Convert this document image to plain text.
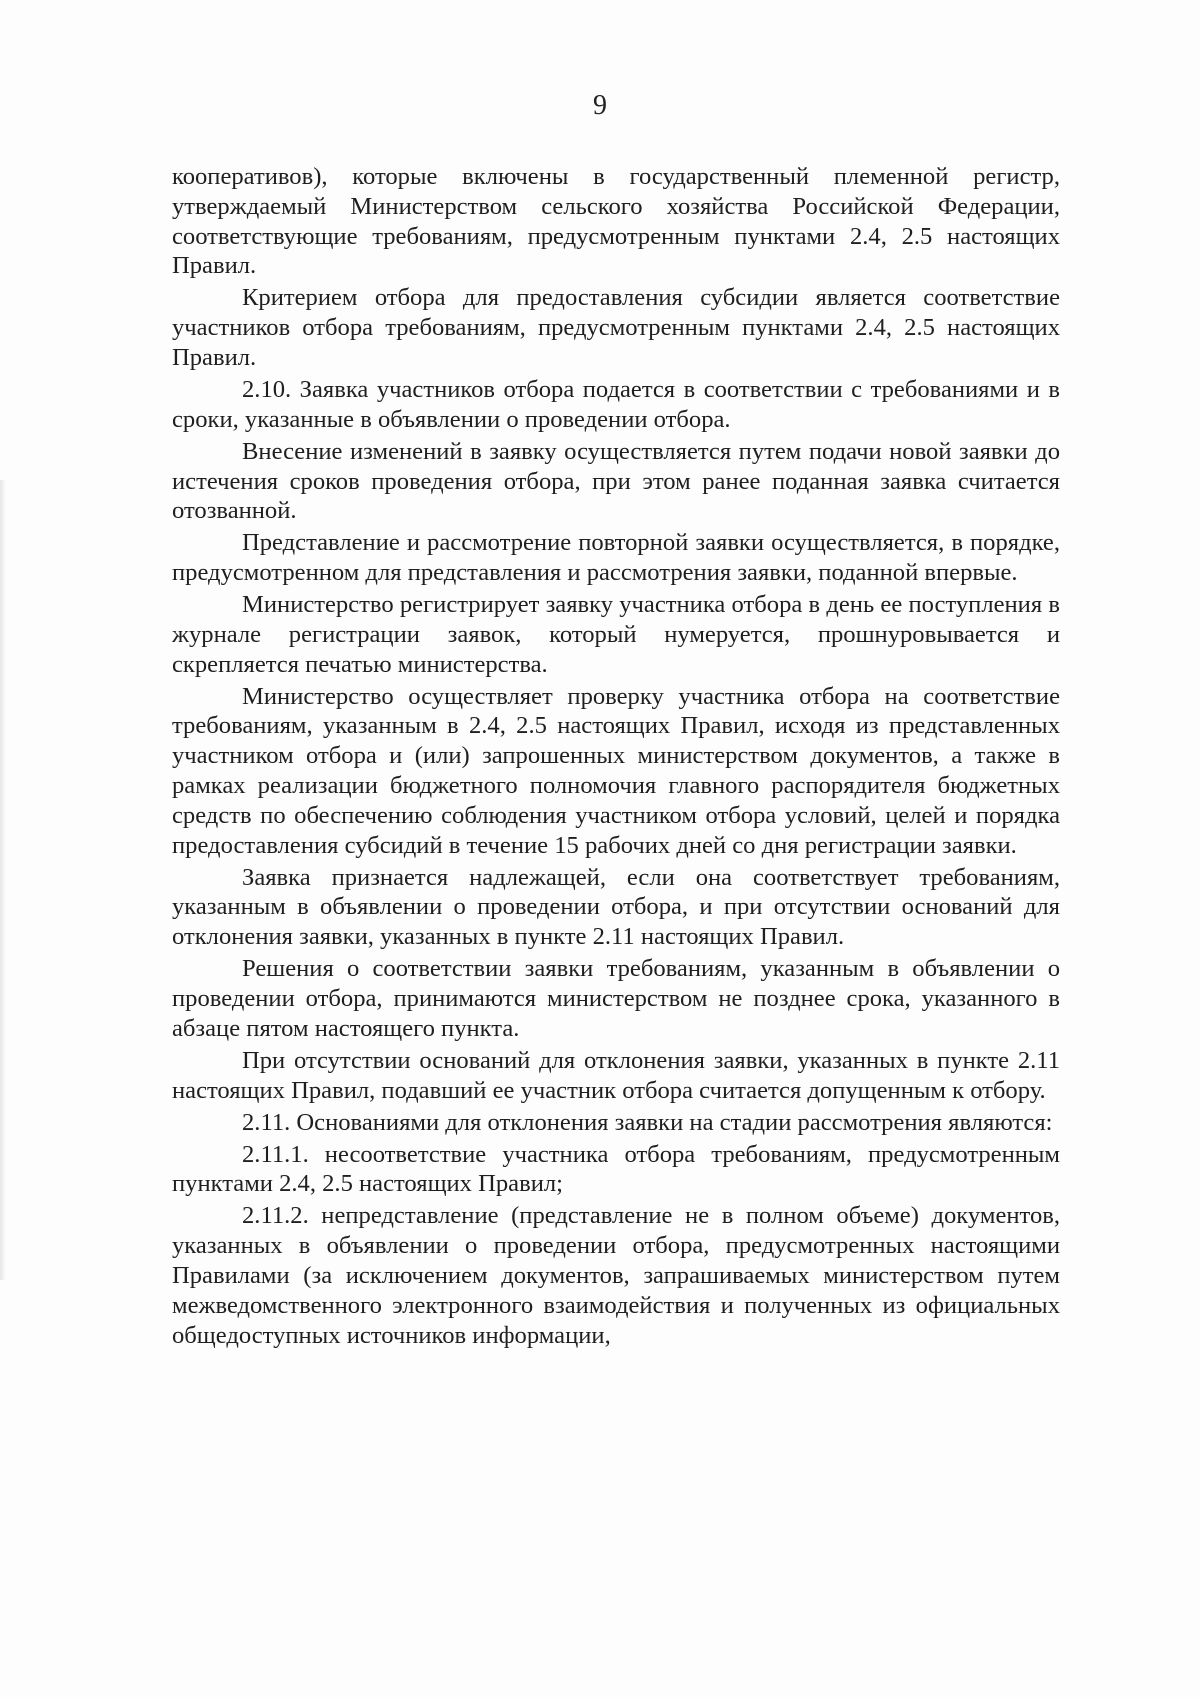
9

кооперативов), которые включены в государственный племенной регистр, утверждаемый Министерством сельского хозяйства Российской Федерации, соответствующие требованиям, предусмотренным пунктами 2.4, 2.5 настоящих Правил.

Критерием отбора для предоставления субсидии является соответствие участников отбора требованиям, предусмотренным пунктами 2.4, 2.5 настоящих Правил.

2.10. Заявка участников отбора подается в соответствии с требованиями и в сроки, указанные в объявлении о проведении отбора.

Внесение изменений в заявку осуществляется путем подачи новой заявки до истечения сроков проведения отбора, при этом ранее поданная заявка считается отозванной.

Представление и рассмотрение повторной заявки осуществляется, в порядке, предусмотренном для представления и рассмотрения заявки, поданной впервые.

Министерство регистрирует заявку участника отбора в день ее поступления в журнале регистрации заявок, который нумеруется, прошнуровывается и скрепляется печатью министерства.

Министерство осуществляет проверку участника отбора на соответствие требованиям, указанным в 2.4, 2.5 настоящих Правил, исходя из представленных участником отбора и (или) запрошенных министерством документов, а также в рамках реализации бюджетного полномочия главного распорядителя бюджетных средств по обеспечению соблюдения участником отбора условий, целей и порядка предоставления субсидий в течение 15 рабочих дней со дня регистрации заявки.

Заявка признается надлежащей, если она соответствует требованиям, указанным в объявлении о проведении отбора, и при отсутствии оснований для отклонения заявки, указанных в пункте 2.11 настоящих Правил.

Решения о соответствии заявки требованиям, указанным в объявлении о проведении отбора, принимаются министерством не позднее срока, указанного в абзаце пятом настоящего пункта.

При отсутствии оснований для отклонения заявки, указанных в пункте 2.11 настоящих Правил, подавший ее участник отбора считается допущенным к отбору.

2.11. Основаниями для отклонения заявки на стадии рассмотрения являются:

2.11.1. несоответствие участника отбора требованиям, предусмотренным пунктами 2.4, 2.5 настоящих Правил;

2.11.2. непредставление (представление не в полном объеме) документов, указанных в объявлении о проведении отбора, предусмотренных настоящими Правилами (за исключением документов, запрашиваемых министерством путем межведомственного электронного взаимодействия и полученных из официальных общедоступных источников информации,
